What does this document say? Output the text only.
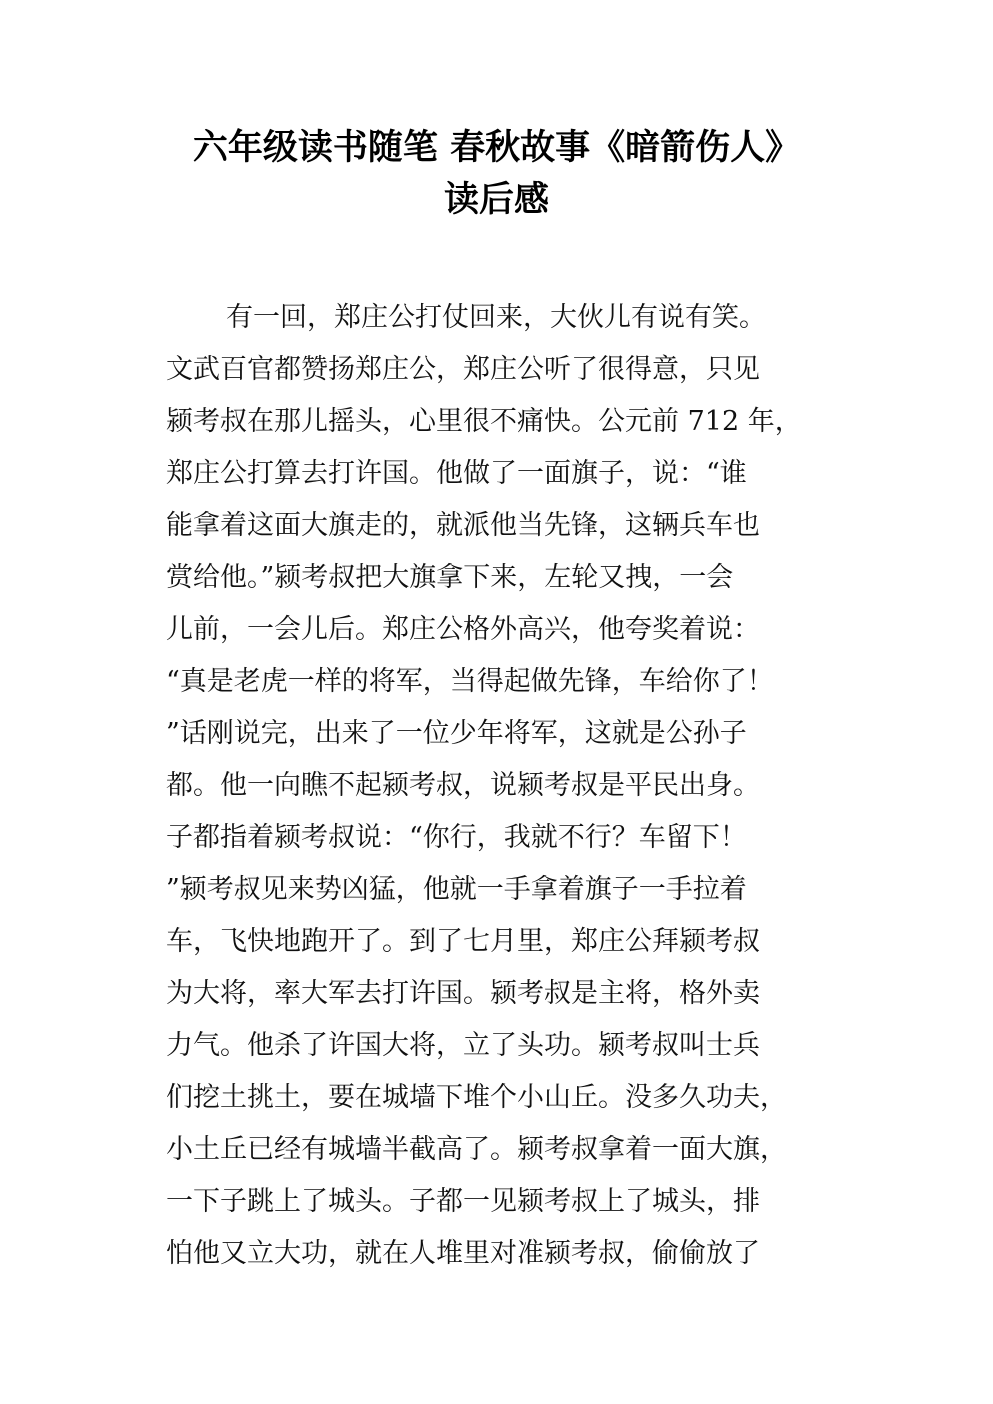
六年级读书随笔 春秋故事《暗箭伤人》
读后感
有一回，郑庄公打仗回来，大伙儿有说有笑。
文武百官都赞扬郑庄公，郑庄公听了很得意，只见
颍考叔在那儿摇头，心里很不痛快。公元前 712 年，
郑庄公打算去打许国。他做了一面旗子，说：“谁
能拿着这面大旗走的，就派他当先锋，这辆兵车也
赏给他。”颍考叔把大旗拿下来，左轮又拽，一会
儿前，一会儿后。郑庄公格外高兴，他夸奖着说：
“真是老虎一样的将军，当得起做先锋，车给你了！
”话刚说完，出来了一位少年将军，这就是公孙子
都。他一向瞧不起颍考叔，说颍考叔是平民出身。
子都指着颍考叔说：“你行，我就不行？车留下！
”颍考叔见来势凶猛，他就一手拿着旗子一手拉着
车，飞快地跑开了。到了七月里，郑庄公拜颍考叔
为大将，率大军去打许国。颍考叔是主将，格外卖
力气。他杀了许国大将，立了头功。颍考叔叫士兵
们挖土挑土，要在城墙下堆个小山丘。没多久功夫，
小土丘已经有城墙半截高了。颍考叔拿着一面大旗，
一下子跳上了城头。子都一见颍考叔上了城头，排
怕他又立大功，就在人堆里对准颍考叔，偷偷放了
